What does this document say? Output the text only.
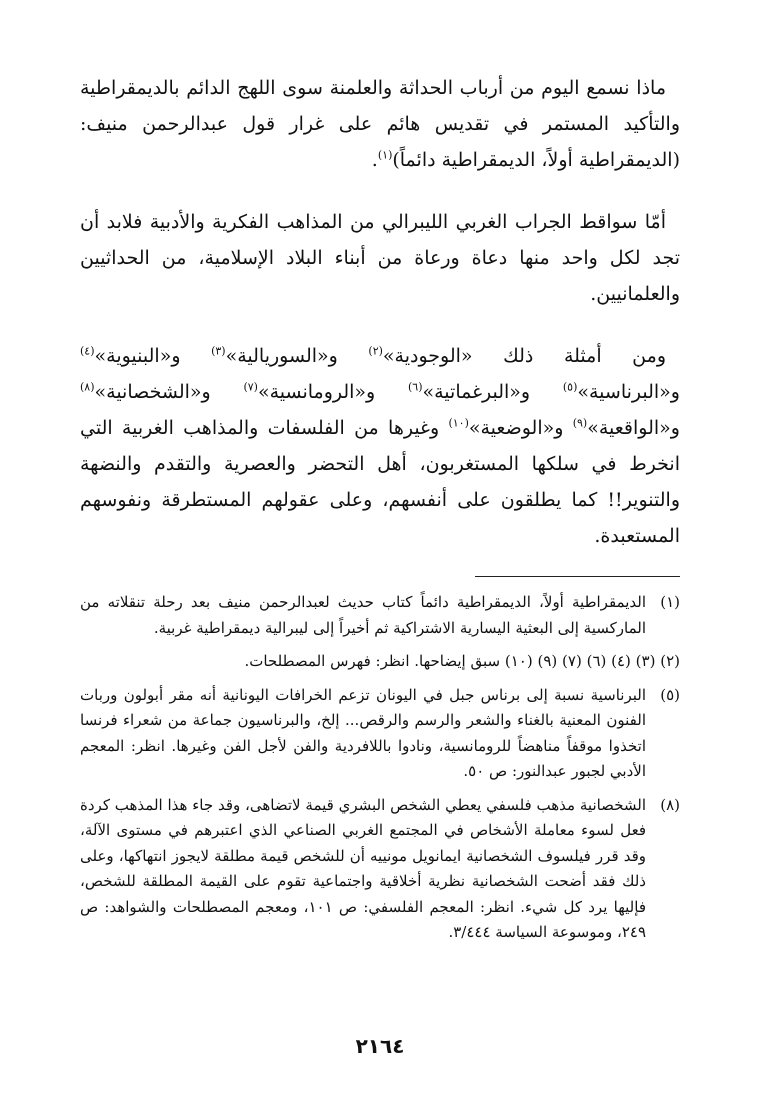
ماذا نسمع اليوم من أرباب الحداثة والعلمنة سوى اللهج الدائم بالديمقراطية والتأكيد المستمر في تقديس هائم على غرار قول عبدالرحمن منيف: (الديمقراطية أولاً، الديمقراطية دائماً)$^{(١)}$.

أمّا سواقط الجراب الغربي الليبرالي من المذاهب الفكرية والأدبية فلابد أن تجد لكل واحد منها دعاة ورعاة من أبناء البلاد الإسلامية، من الحداثيين والعلمانيين.

ومن أمثلة ذلك «الوجودية»$^{(٢)}$ و«السوريالية»$^{(٣)}$ و«البنيوية»$^{(٤)}$ و«البرناسية»$^{(٥)}$ و«البرغماتية»$^{(٦)}$ و«الرومانسية»$^{(٧)}$ و«الشخصانية»$^{(٨)}$ و«الواقعية»$^{(٩)}$ و«الوضعية»$^{(١٠)}$ وغيرها من الفلسفات والمذاهب الغربية التي انخرط في سلكها المستغربون، أهل التحضر والعصرية والتقدم والنضهة والتنوير!! كما يطلقون على أنفسهم، وعلى عقولهم المستطرقة ونفوسهم المستعبدة.

(١)
الديمقراطية أولاً، الديمقراطية دائماً كتاب حديث لعبدالرحمن منيف بعد رحلة تنقلاته من الماركسية إلى البعثية اليسارية الاشتراكية ثم أخيراً إلى ليبرالية ديمقراطية غربية.
(٢) (٣) (٤) (٦) (٧) (٩) (١٠) سبق إيضاحها. انظر: فهرس المصطلحات.
(٥)
البرناسية نسبة إلى برناس جبل في اليونان تزعم الخرافات اليونانية أنه مقر أبولون وربات الفنون المعنية بالغناء والشعر والرسم والرقص... إلخ، والبرناسيون جماعة من شعراء فرنسا اتخذوا موقفاً مناهضاً للرومانسية، ونادوا باللافردية والفن لأجل الفن وغيرها. انظر: المعجم الأدبي لجبور عبدالنور: ص ٥٠.
(٨)
الشخصانية مذهب فلسفي يعطي الشخص البشري قيمة لاتضاهى، وقد جاء هذا المذهب كردة فعل لسوء معاملة الأشخاص في المجتمع الغربي الصناعي الذي اعتبرهم في مستوى الآلة، وقد قرر فيلسوف الشخصانية ايمانويل مونييه أن للشخص قيمة مطلقة لايجوز انتهاكها، وعلى ذلك فقد أضحت الشخصانية نظرية أخلاقية واجتماعية تقوم على القيمة المطلقة للشخص، فإليها يرد كل شيء. انظر: المعجم الفلسفي: ص ١٠١، ومعجم المصطلحات والشواهد: ص ٢٤٩، وموسوعة السياسة ٣/٤٤٤.
٢١٦٤
